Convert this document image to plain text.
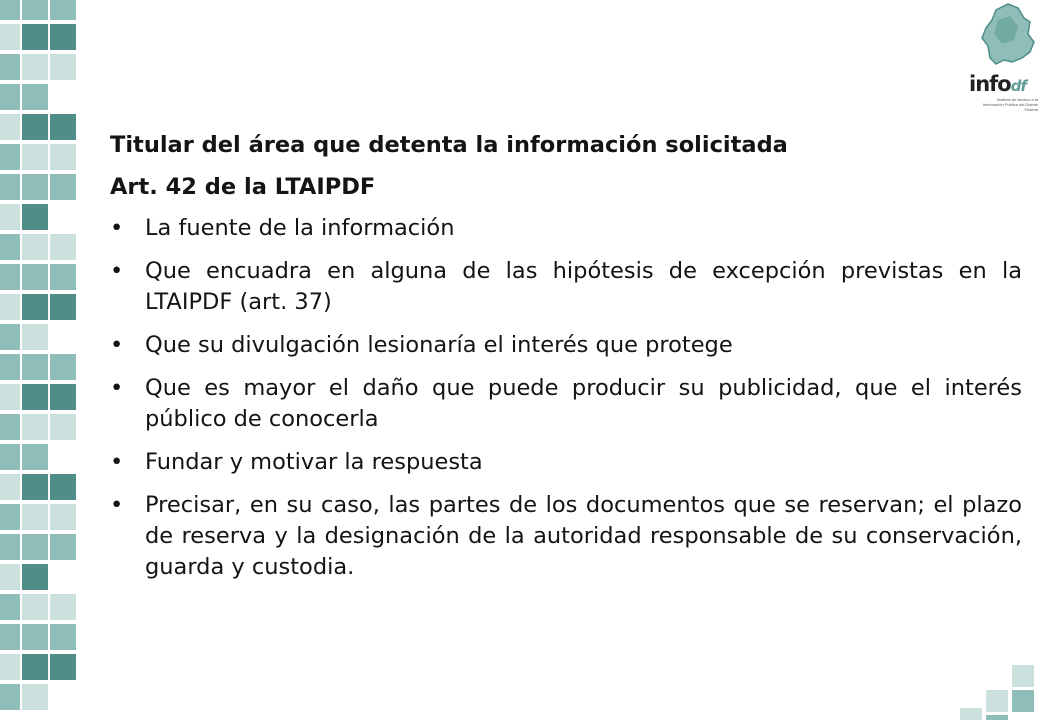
infodf
Instituto de Acceso a la Información Pública del Distrito Federal

Titular del área que detenta la información solicitada

Art. 42 de la LTAIPDF

• La fuente de la información
• Que encuadra en alguna de las hipótesis de excepción previstas en la LTAIPDF (art. 37)
• Que su divulgación lesionaría el interés que protege
• Que es mayor el daño que puede producir su publicidad, que el interés público de conocerla
• Fundar y motivar la respuesta
• Precisar, en su caso, las partes de los documentos que se reservan; el plazo de reserva y la designación de la autoridad responsable de su conservación, guarda y custodia.
